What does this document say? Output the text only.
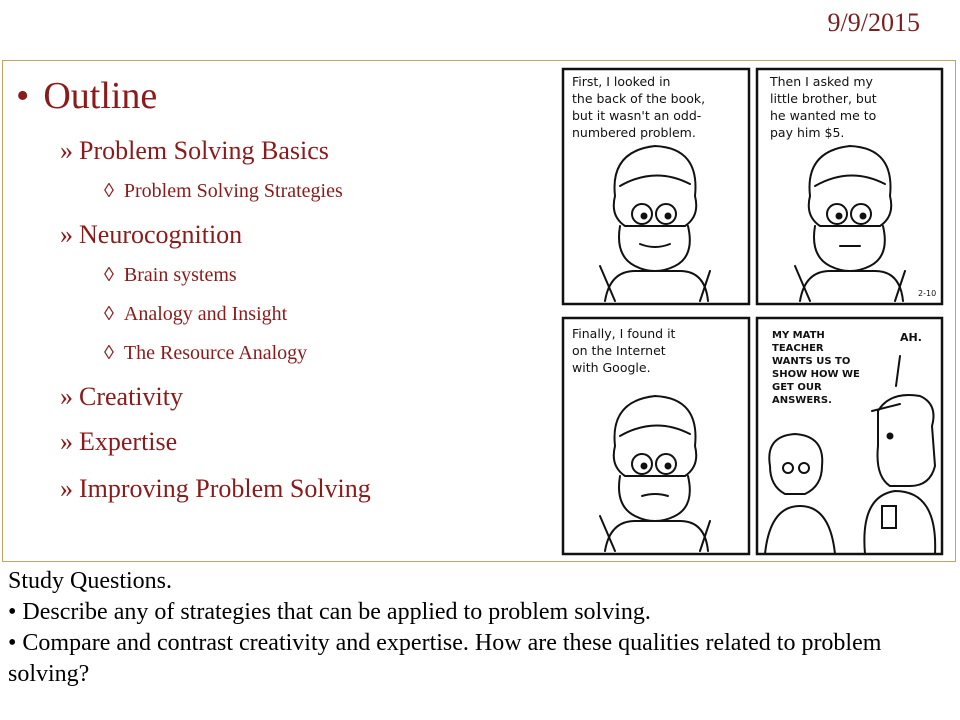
9/9/2015
• Outline
» Problem Solving Basics
◊ Problem Solving Strategies
» Neurocognition
◊ Brain systems
◊ Analogy and Insight
◊ The Resource Analogy
» Creativity
» Expertise
» Improving Problem Solving
First, I looked in
the back of the book,
but it wasn't an odd-
numbered problem.
Then I asked my
little brother, but
he wanted me to
pay him $5.
Finally, I found it
on the Internet
with Google.
2-10
MY MATH
TEACHER
WANTS US TO
SHOW HOW WE
GET OUR
ANSWERS.
AH.

Study Questions.

• Describe any of strategies that can be applied to problem solving.

• Compare and contrast creativity and expertise. How are these qualities related to problem solving?
